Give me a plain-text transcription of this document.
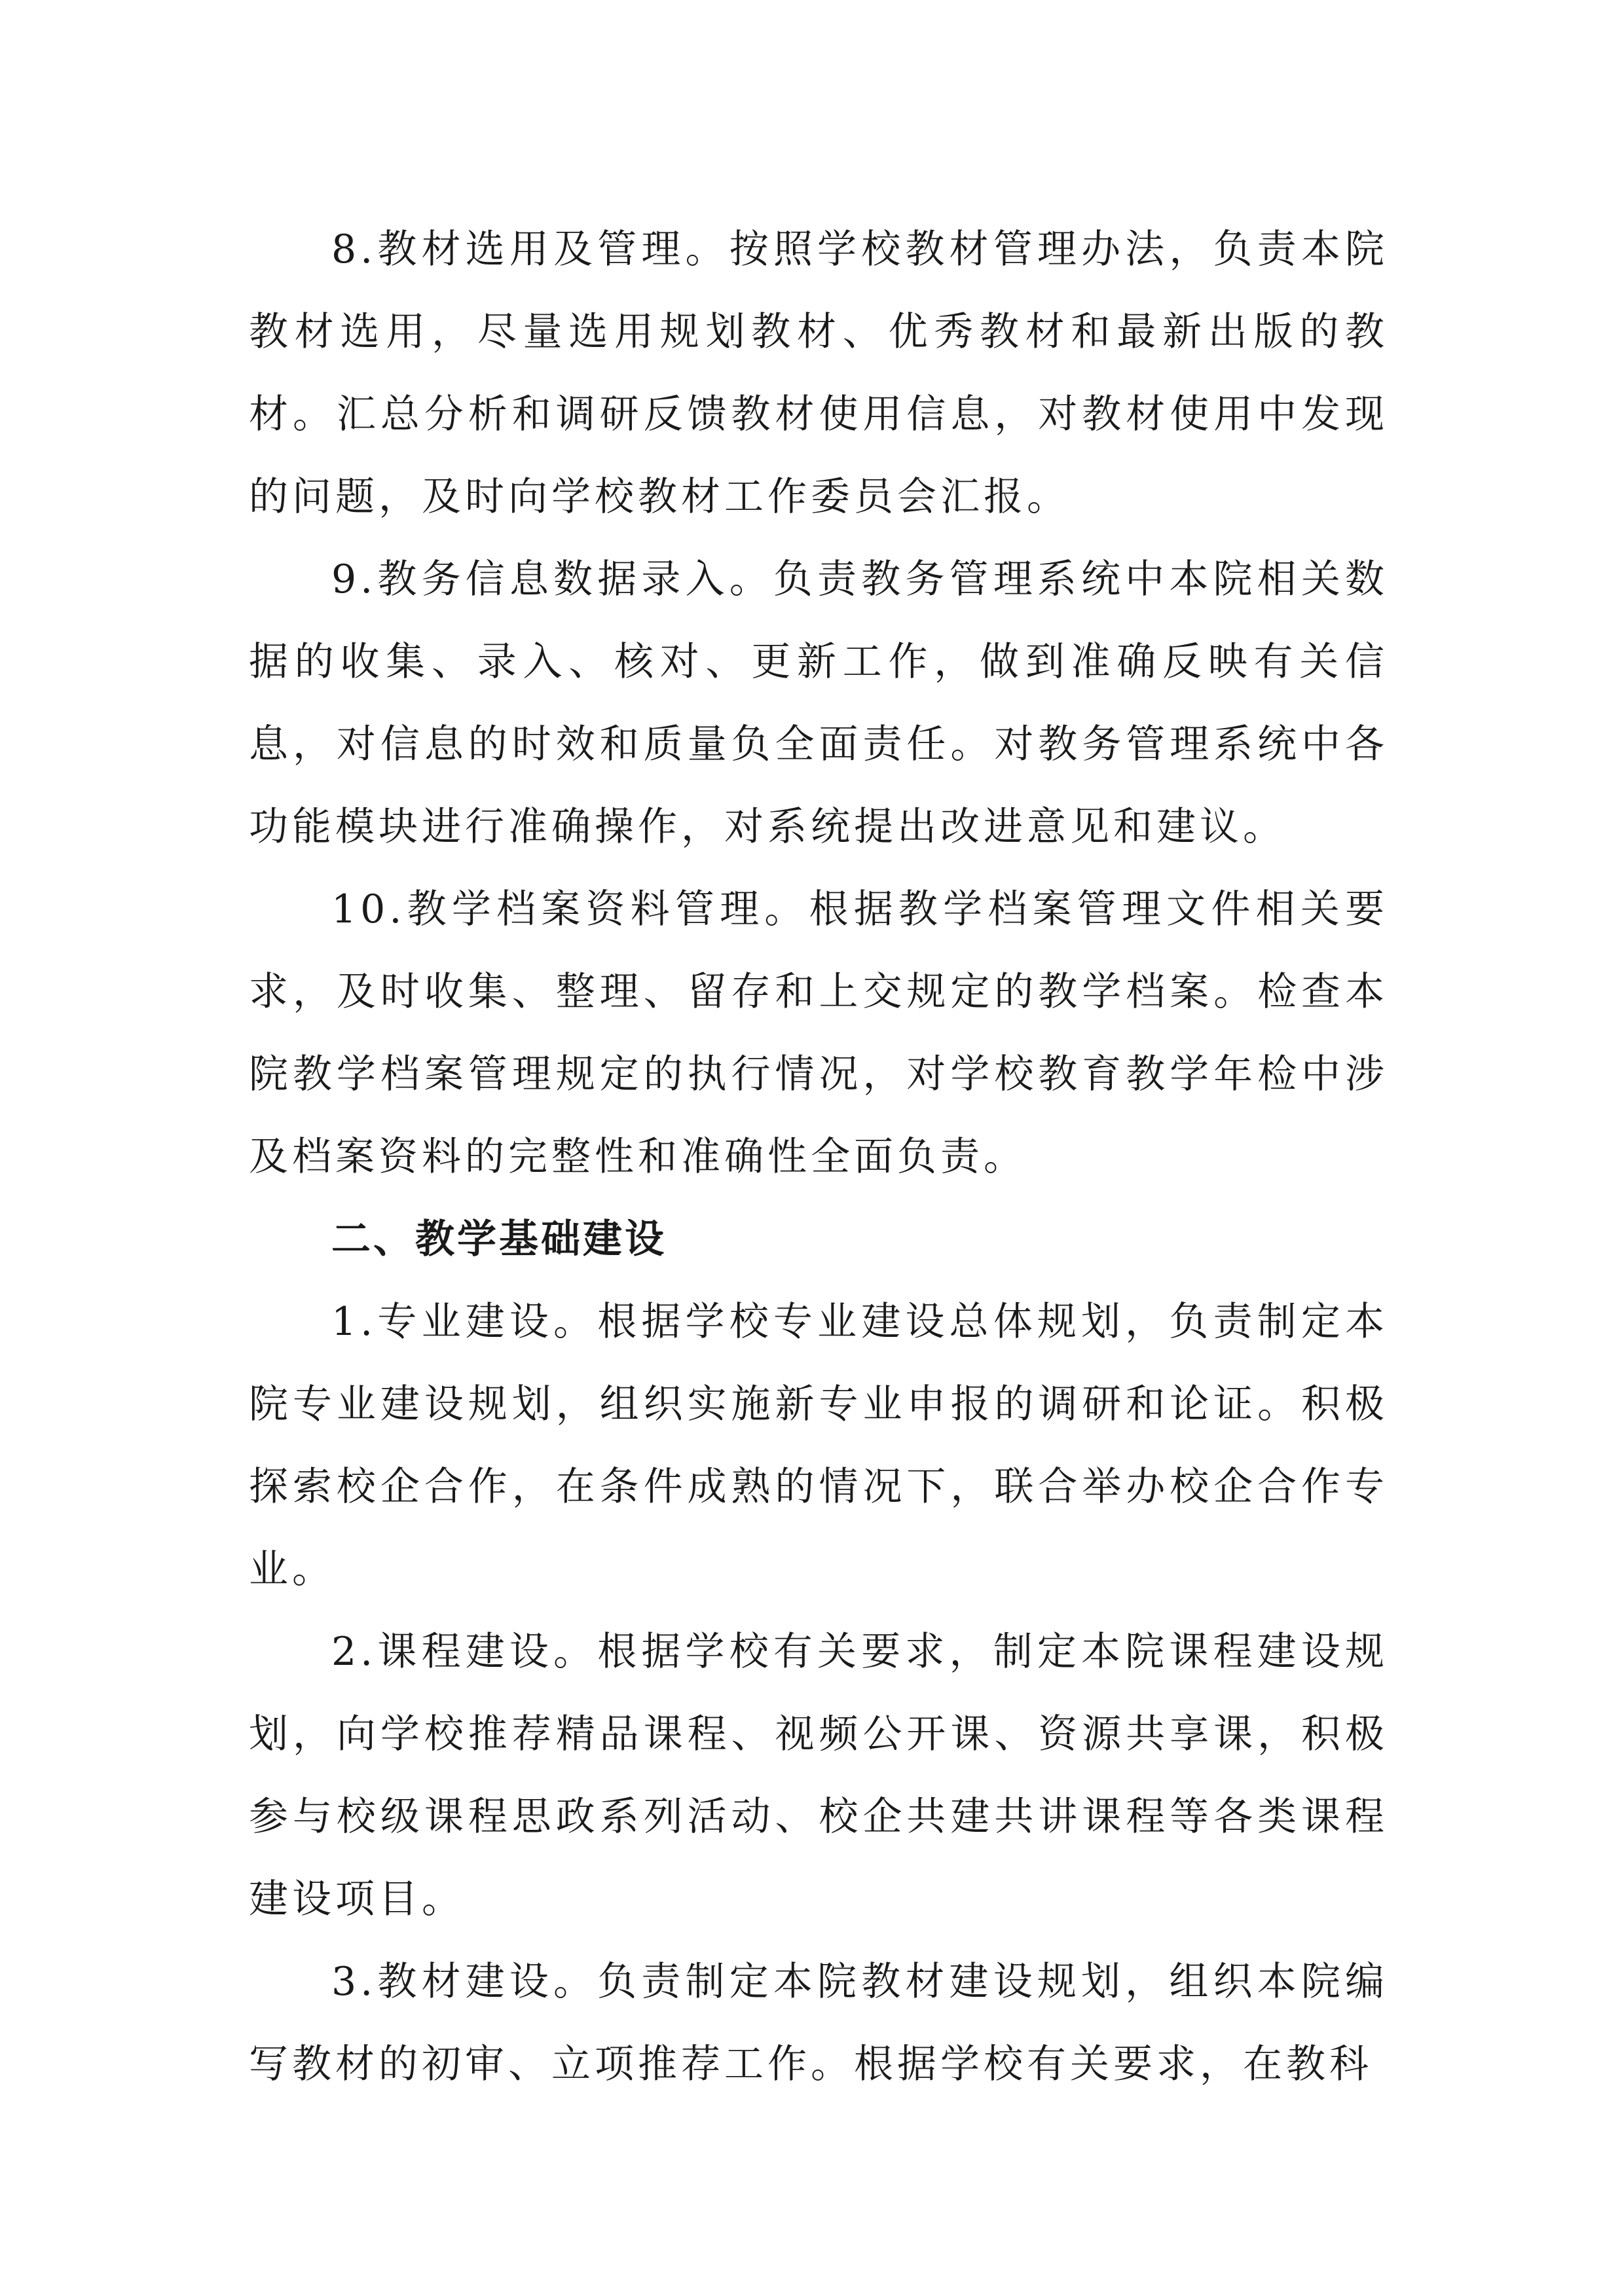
8.教材选用及管理。按照学校教材管理办法，负责本院教材选用，尽量选用规划教材、优秀教材和最新出版的教材。汇总分析和调研反馈教材使用信息，对教材使用中发现的问题，及时向学校教材工作委员会汇报。

9.教务信息数据录入。负责教务管理系统中本院相关数据的收集、录入、核对、更新工作，做到准确反映有关信息，对信息的时效和质量负全面责任。对教务管理系统中各功能模块进行准确操作，对系统提出改进意见和建议。

10.教学档案资料管理。根据教学档案管理文件相关要求，及时收集、整理、留存和上交规定的教学档案。检查本院教学档案管理规定的执行情况，对学校教育教学年检中涉及档案资料的完整性和准确性全面负责。

二、教学基础建设

1.专业建设。根据学校专业建设总体规划，负责制定本院专业建设规划，组织实施新专业申报的调研和论证。积极探索校企合作，在条件成熟的情况下，联合举办校企合作专业。

2.课程建设。根据学校有关要求，制定本院课程建设规划，向学校推荐精品课程、视频公开课、资源共享课，积极参与校级课程思政系列活动、校企共建共讲课程等各类课程建设项目。

3.教材建设。负责制定本院教材建设规划，组织本院编写教材的初审、立项推荐工作。根据学校有关要求，在教科
